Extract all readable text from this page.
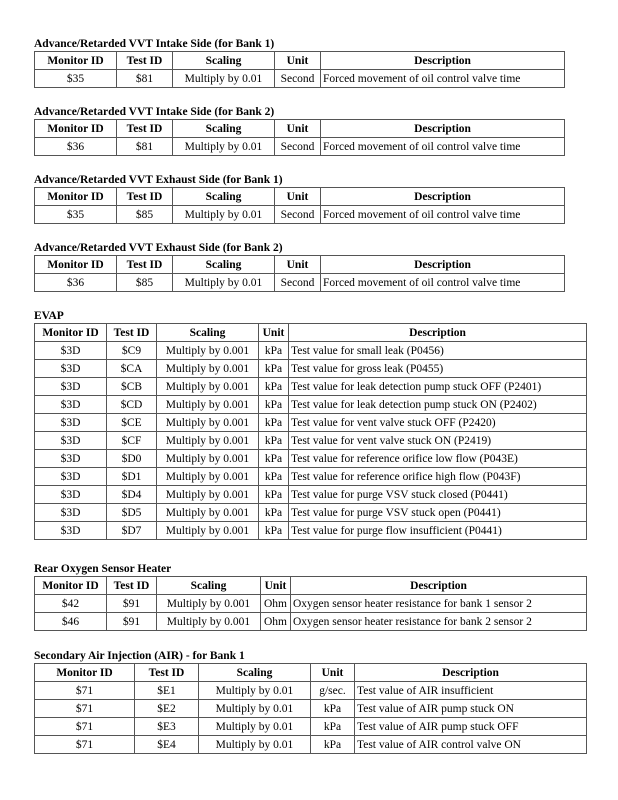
Advance/Retarded VVT Intake Side (for Bank 1)
Monitor ID	Test ID	Scaling	Unit	Description
$35	$81	Multiply by 0.01	Second	Forced movement of oil control valve time
Advance/Retarded VVT Intake Side (for Bank 2)
Monitor ID	Test ID	Scaling	Unit	Description
$36	$81	Multiply by 0.01	Second	Forced movement of oil control valve time
Advance/Retarded VVT Exhaust Side (for Bank 1)
Monitor ID	Test ID	Scaling	Unit	Description
$35	$85	Multiply by 0.01	Second	Forced movement of oil control valve time
Advance/Retarded VVT Exhaust Side (for Bank 2)
Monitor ID	Test ID	Scaling	Unit	Description
$36	$85	Multiply by 0.01	Second	Forced movement of oil control valve time
EVAP
Monitor ID	Test ID	Scaling	Unit	Description
$3D	$C9	Multiply by 0.001	kPa	Test value for small leak (P0456)
$3D	$CA	Multiply by 0.001	kPa	Test value for gross leak (P0455)
$3D	$CB	Multiply by 0.001	kPa	Test value for leak detection pump stuck OFF (P2401)
$3D	$CD	Multiply by 0.001	kPa	Test value for leak detection pump stuck ON (P2402)
$3D	$CE	Multiply by 0.001	kPa	Test value for vent valve stuck OFF (P2420)
$3D	$CF	Multiply by 0.001	kPa	Test value for vent valve stuck ON (P2419)
$3D	$D0	Multiply by 0.001	kPa	Test value for reference orifice low flow (P043E)
$3D	$D1	Multiply by 0.001	kPa	Test value for reference orifice high flow (P043F)
$3D	$D4	Multiply by 0.001	kPa	Test value for purge VSV stuck closed (P0441)
$3D	$D5	Multiply by 0.001	kPa	Test value for purge VSV stuck open (P0441)
$3D	$D7	Multiply by 0.001	kPa	Test value for purge flow insufficient (P0441)
Rear Oxygen Sensor Heater
Monitor ID	Test ID	Scaling	Unit	Description
$42	$91	Multiply by 0.001	Ohm	Oxygen sensor heater resistance for bank 1 sensor 2
$46	$91	Multiply by 0.001	Ohm	Oxygen sensor heater resistance for bank 2 sensor 2
Secondary Air Injection (AIR) - for Bank 1
Monitor ID	Test ID	Scaling	Unit	Description
$71	$E1	Multiply by 0.01	g/sec.	Test value of AIR insufficient
$71	$E2	Multiply by 0.01	kPa	Test value of AIR pump stuck ON
$71	$E3	Multiply by 0.01	kPa	Test value of AIR pump stuck OFF
$71	$E4	Multiply by 0.01	kPa	Test value of AIR control valve ON
